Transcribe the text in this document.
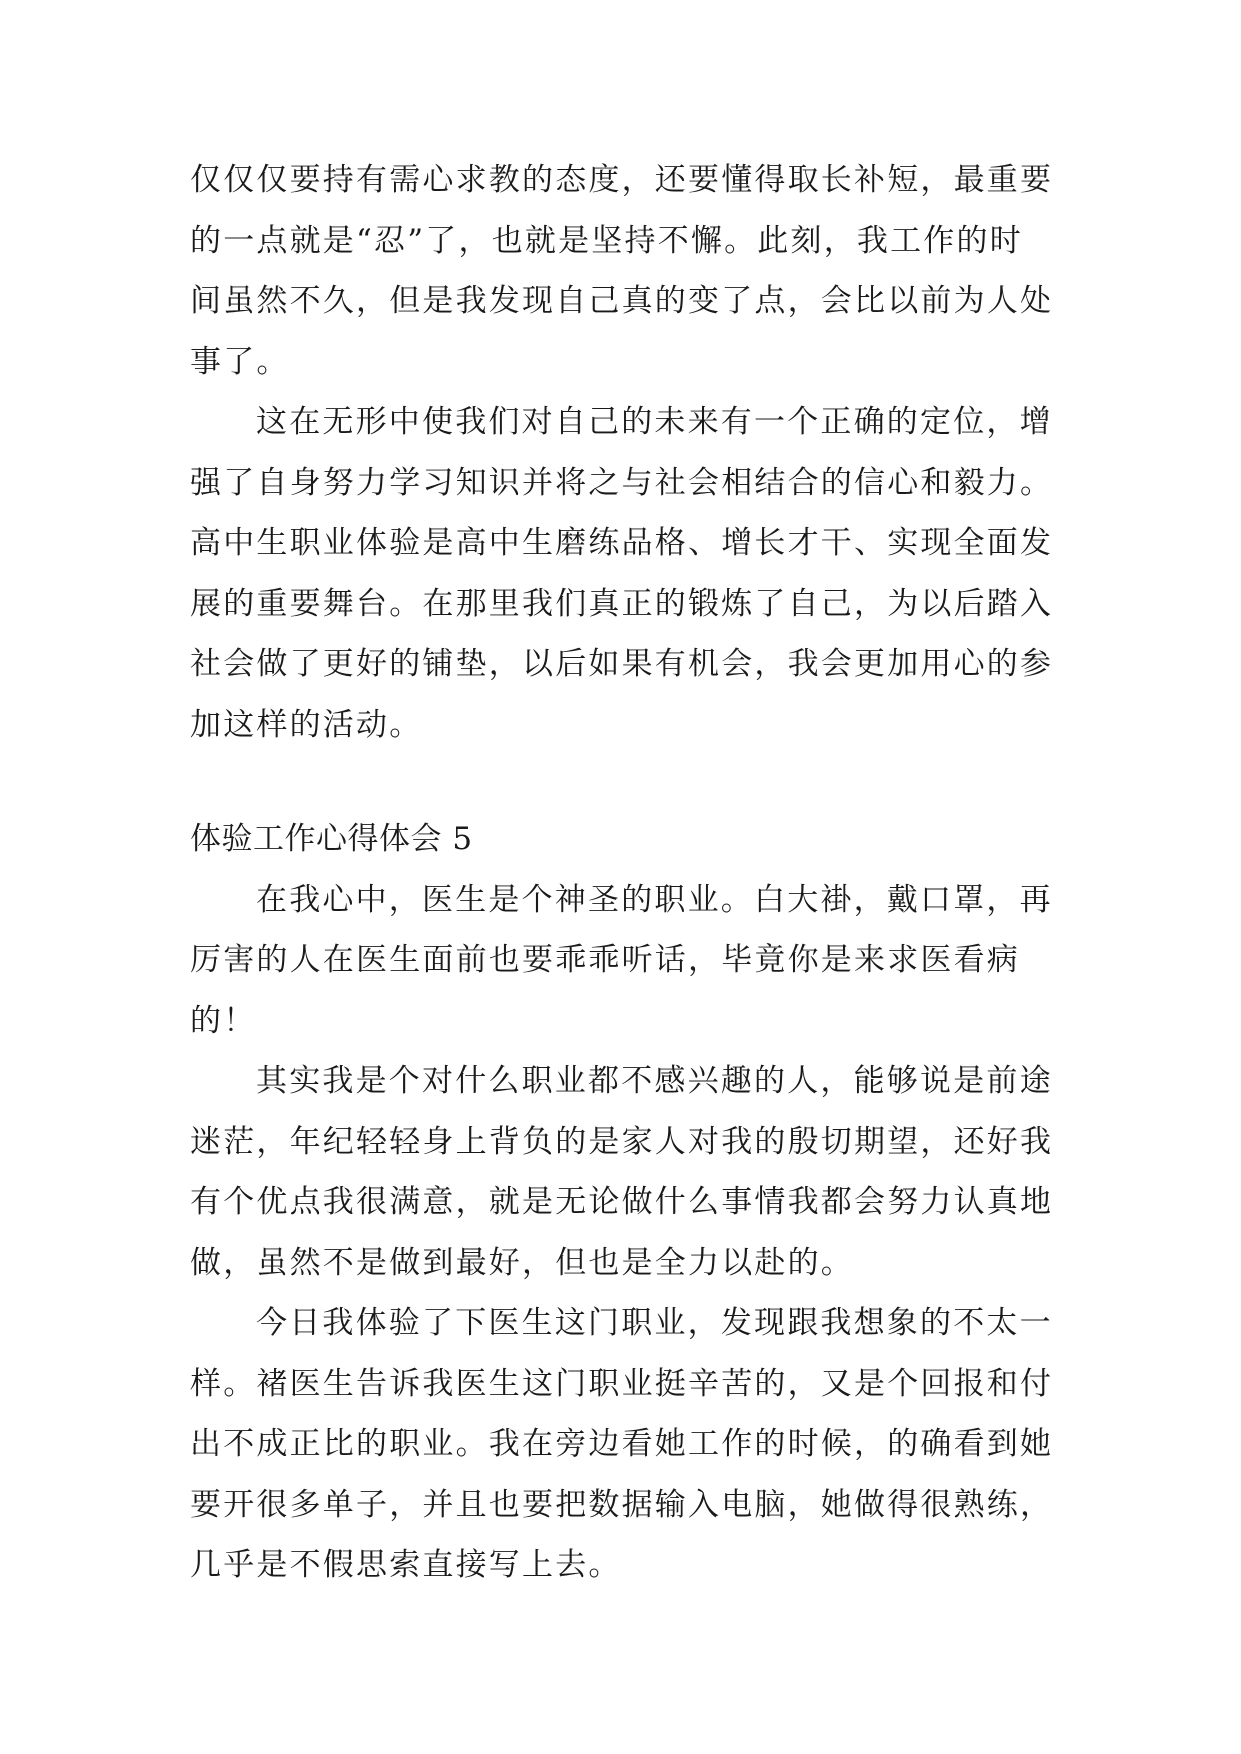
仅仅仅要持有需心求教的态度，还要懂得取长补短，最重要
的一点就是“忍”了，也就是坚持不懈。此刻，我工作的时
间虽然不久，但是我发现自己真的变了点，会比以前为人处
事了。
这在无形中使我们对自己的未来有一个正确的定位，增
强了自身努力学习知识并将之与社会相结合的信心和毅力。
高中生职业体验是高中生磨练品格、增长才干、实现全面发
展的重要舞台。在那里我们真正的锻炼了自己，为以后踏入
社会做了更好的铺垫，以后如果有机会，我会更加用心的参
加这样的活动。
体验工作心得体会 5
在我心中，医生是个神圣的职业。白大褂，戴口罩，再
厉害的人在医生面前也要乖乖听话，毕竟你是来求医看病
的！
其实我是个对什么职业都不感兴趣的人，能够说是前途
迷茫，年纪轻轻身上背负的是家人对我的殷切期望，还好我
有个优点我很满意，就是无论做什么事情我都会努力认真地
做，虽然不是做到最好，但也是全力以赴的。
今日我体验了下医生这门职业，发现跟我想象的不太一
样。褚医生告诉我医生这门职业挺辛苦的，又是个回报和付
出不成正比的职业。我在旁边看她工作的时候，的确看到她
要开很多单子，并且也要把数据输入电脑，她做得很熟练，
几乎是不假思索直接写上去。
